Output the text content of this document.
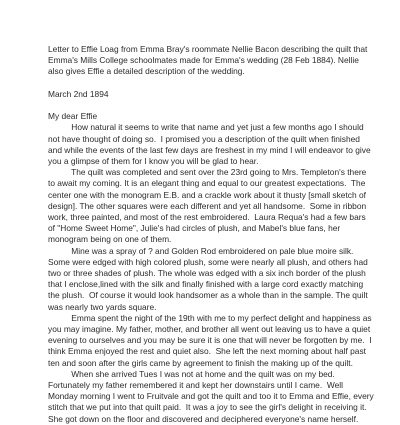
Letter to Effie Loag from Emma Bray's roommate Nellie Bacon describing the quilt that

Emma's Mills College schoolmates made for Emma's wedding (28 Feb 1884). Nellie

also gives Effie a detailed description of the wedding.

March 2nd 1894
My dear Effie

How natural it seems to write that name and yet just a few months ago I should

not have thought of doing so.  I promised you a description of the quilt when finished

and while the events of the last few days are freshest in my mind I will endeavor to give

you a glimpse of them for I know you will be glad to hear.

The quilt was completed and sent over the 23rd going to Mrs. Templeton's there

to await my coming. It is an elegant thing and equal to our greatest expectations.  The

center one with the monogram E.B. and a crackle work about it thusty [small sketch of

design]. The other squares were each different and yet all handsome.  Some in ribbon

work, three painted, and most of the rest embroidered.  Laura Requa's had a few bars

of "Home Sweet Home", Julie's had circles of plush, and Mabel's blue fans, her

monogram being on one of them.

Mine was a spray of ? and Golden Rod embroidered on pale blue moire silk.

Some were edged with high colored plush, some were nearly all plush, and others had

two or three shades of plush. The whole was edged with a six inch border of the plush

that I enclose,lined with the silk and finally finished with a large cord exactly matching

the plush.  Of course it would look handsomer as a whole than in the sample. The quilt

was nearly two yards square.

Emma spent the night of the 19th with me to my perfect delight and happiness as

you may imagine. My father, mother, and brother all went out leaving us to have a quiet

evening to ourselves and you may be sure it is one that will never be forgotten by me.  I

think Emma enjoyed the rest and quiet also.  She left the next morning about half past

ten and soon after the girls came by agreement to finish the making up of the quilt.

When she arrived Tues I was not at home and the quilt was on my bed.

Fortunately my father remembered it and kept her downstairs until I came.  Well

Monday morning I went to Fruitvale and got the quilt and too it to Emma and Effie, every

stitch that we put into that quilt paid.  It was a joy to see the girl's delight in receiving it.

She got down on the floor and discovered and deciphered everyone's name herself.
